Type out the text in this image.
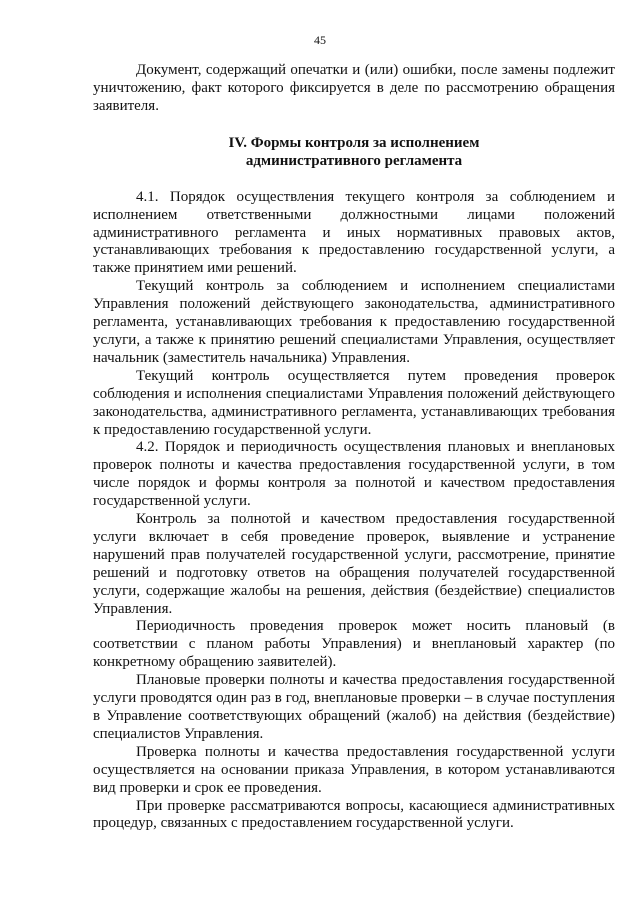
45

Документ, содержащий опечатки и (или) ошибки, после замены подлежит уничтожению, факт которого фиксируется в деле по рассмотрению обращения заявителя.

IV. Формы контроля за исполнением
административного регламента

4.1. Порядок осуществления текущего контроля за соблюдением и исполнением ответственными должностными лицами положений административного регламента и иных нормативных правовых актов, устанавливающих требования к предоставлению государственной услуги, а также принятием ими решений.

Текущий контроль за соблюдением и исполнением специалистами Управления положений действующего законодательства, административного регламента, устанавливающих требования к предоставлению государственной услуги, а также к принятию решений специалистами Управления, осуществляет начальник (заместитель начальника) Управления.

Текущий контроль осуществляется путем проведения проверок соблюдения и исполнения специалистами Управления положений действующего законодательства, административного регламента, устанавливающих требования к предоставлению государственной услуги.

4.2. Порядок и периодичность осуществления плановых и внеплановых проверок полноты и качества предоставления государственной услуги, в том числе порядок и формы контроля за полнотой и качеством предоставления государственной услуги.

Контроль за полнотой и качеством предоставления государственной услуги включает в себя проведение проверок, выявление и устранение нарушений прав получателей государственной услуги, рассмотрение, принятие решений и подготовку ответов на обращения получателей государственной услуги, содержащие жалобы на решения, действия (бездействие) специалистов Управления.

Периодичность проведения проверок может носить плановый (в соответствии с планом работы Управления) и внеплановый характер (по конкретному обращению заявителей).

Плановые проверки полноты и качества предоставления государственной услуги проводятся один раз в год, внеплановые проверки – в случае поступления в Управление соответствующих обращений (жалоб) на действия (бездействие) специалистов Управления.

Проверка полноты и качества предоставления государственной услуги осуществляется на основании приказа Управления, в котором устанавливаются вид проверки и срок ее проведения.

При проверке рассматриваются вопросы, касающиеся административных процедур, связанных с предоставлением государственной услуги.
